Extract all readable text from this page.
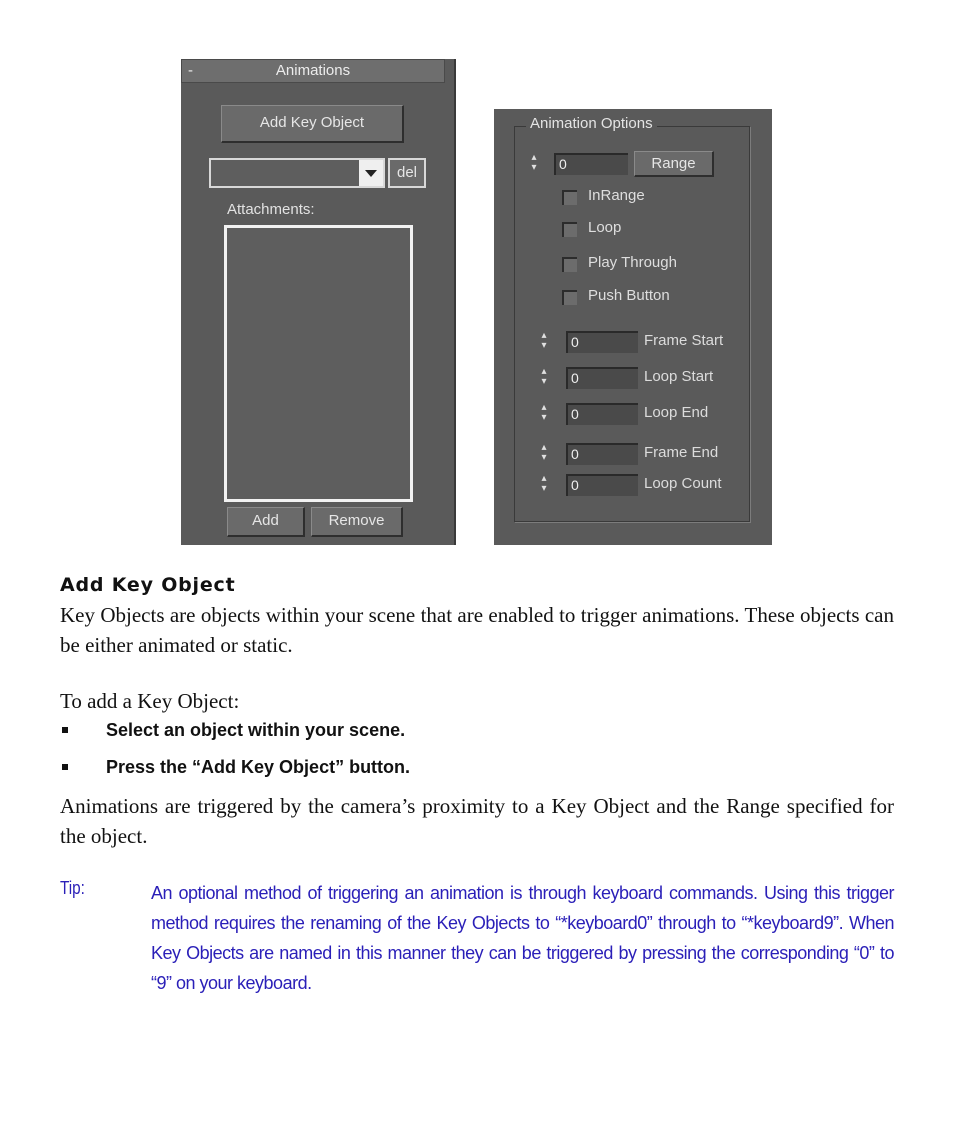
-	Animations
Add Key Object
del
Attachments:
Add	Remove
Animation Options
▴
▾	0	Range
InRange
Loop
Play Through
Push Button
▴
▾	0	Frame Start
▴
▾	0	Loop Start
▴
▾	0	Loop End
▴
▾	0	Frame End
▴
▾	0	Loop Count
Add Key Object

Key Objects are objects within your scene that are enabled to trigger animations. These objects can be either animated or static.

To add a Key Object:

Select an object within your scene.
Press the “Add Key Object” button.

Animations are triggered by the camera’s proximity to a Key Object and the Range specified for the object.

Tip:	An optional method of triggering an animation is through keyboard commands. Using this trigger method requires the renaming of the Key Objects to “*keyboard0” through to “*keyboard9”. When Key Objects are named in this manner they can be triggered by pressing the corresponding “0” to “9” on your keyboard.
